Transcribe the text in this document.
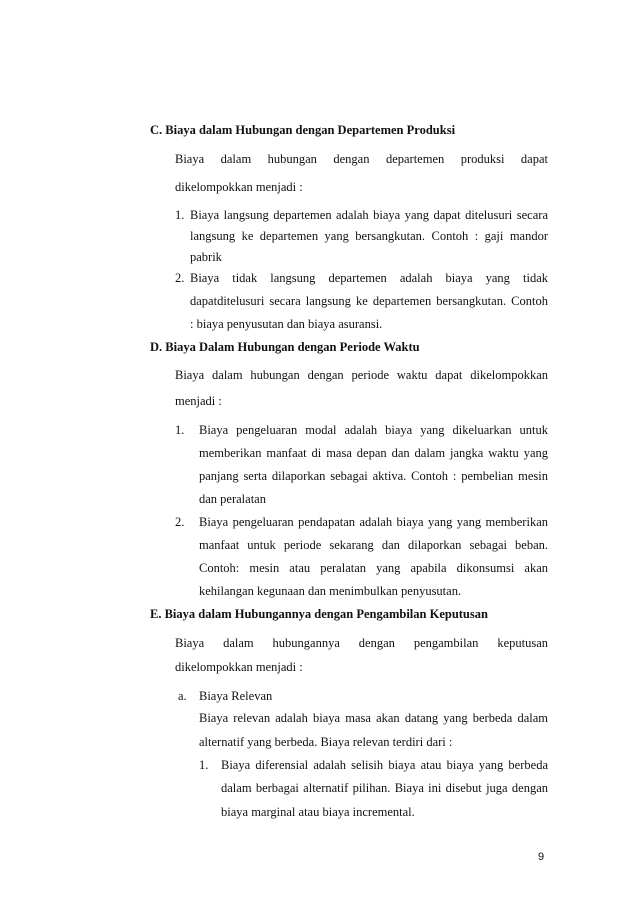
C. Biaya dalam Hubungan dengan Departemen Produksi
Biaya dalam hubungan dengan departemen produksi dapat
dikelompokkan menjadi :
1. Biaya langsung departemen adalah biaya yang dapat ditelusuri secara
langsung ke departemen yang bersangkutan. Contoh : gaji mandor
pabrik
2. Biaya tidak langsung departemen adalah biaya yang tidak
dapatditelusuri secara langsung ke departemen bersangkutan. Contoh
: biaya penyusutan dan biaya asuransi.
D. Biaya Dalam Hubungan dengan Periode Waktu
Biaya dalam hubungan dengan periode waktu dapat dikelompokkan
menjadi :
1. Biaya pengeluaran modal adalah biaya yang dikeluarkan untuk
memberikan manfaat di masa depan dan dalam jangka waktu yang
panjang serta dilaporkan sebagai aktiva. Contoh : pembelian mesin
dan peralatan
2. Biaya pengeluaran pendapatan adalah biaya yang yang memberikan
manfaat untuk periode sekarang dan dilaporkan sebagai beban.
Contoh: mesin atau peralatan yang apabila dikonsumsi akan
kehilangan kegunaan dan menimbulkan penyusutan.
E. Biaya dalam Hubungannya dengan Pengambilan Keputusan
Biaya dalam hubungannya dengan pengambilan keputusan
dikelompokkan menjadi :
a. Biaya Relevan
Biaya relevan adalah biaya masa akan datang yang berbeda dalam
alternatif yang berbeda. Biaya relevan terdiri dari :
1. Biaya diferensial adalah selisih biaya atau biaya yang berbeda
dalam berbagai alternatif pilihan. Biaya ini disebut juga dengan
biaya marginal atau biaya incremental.
9
